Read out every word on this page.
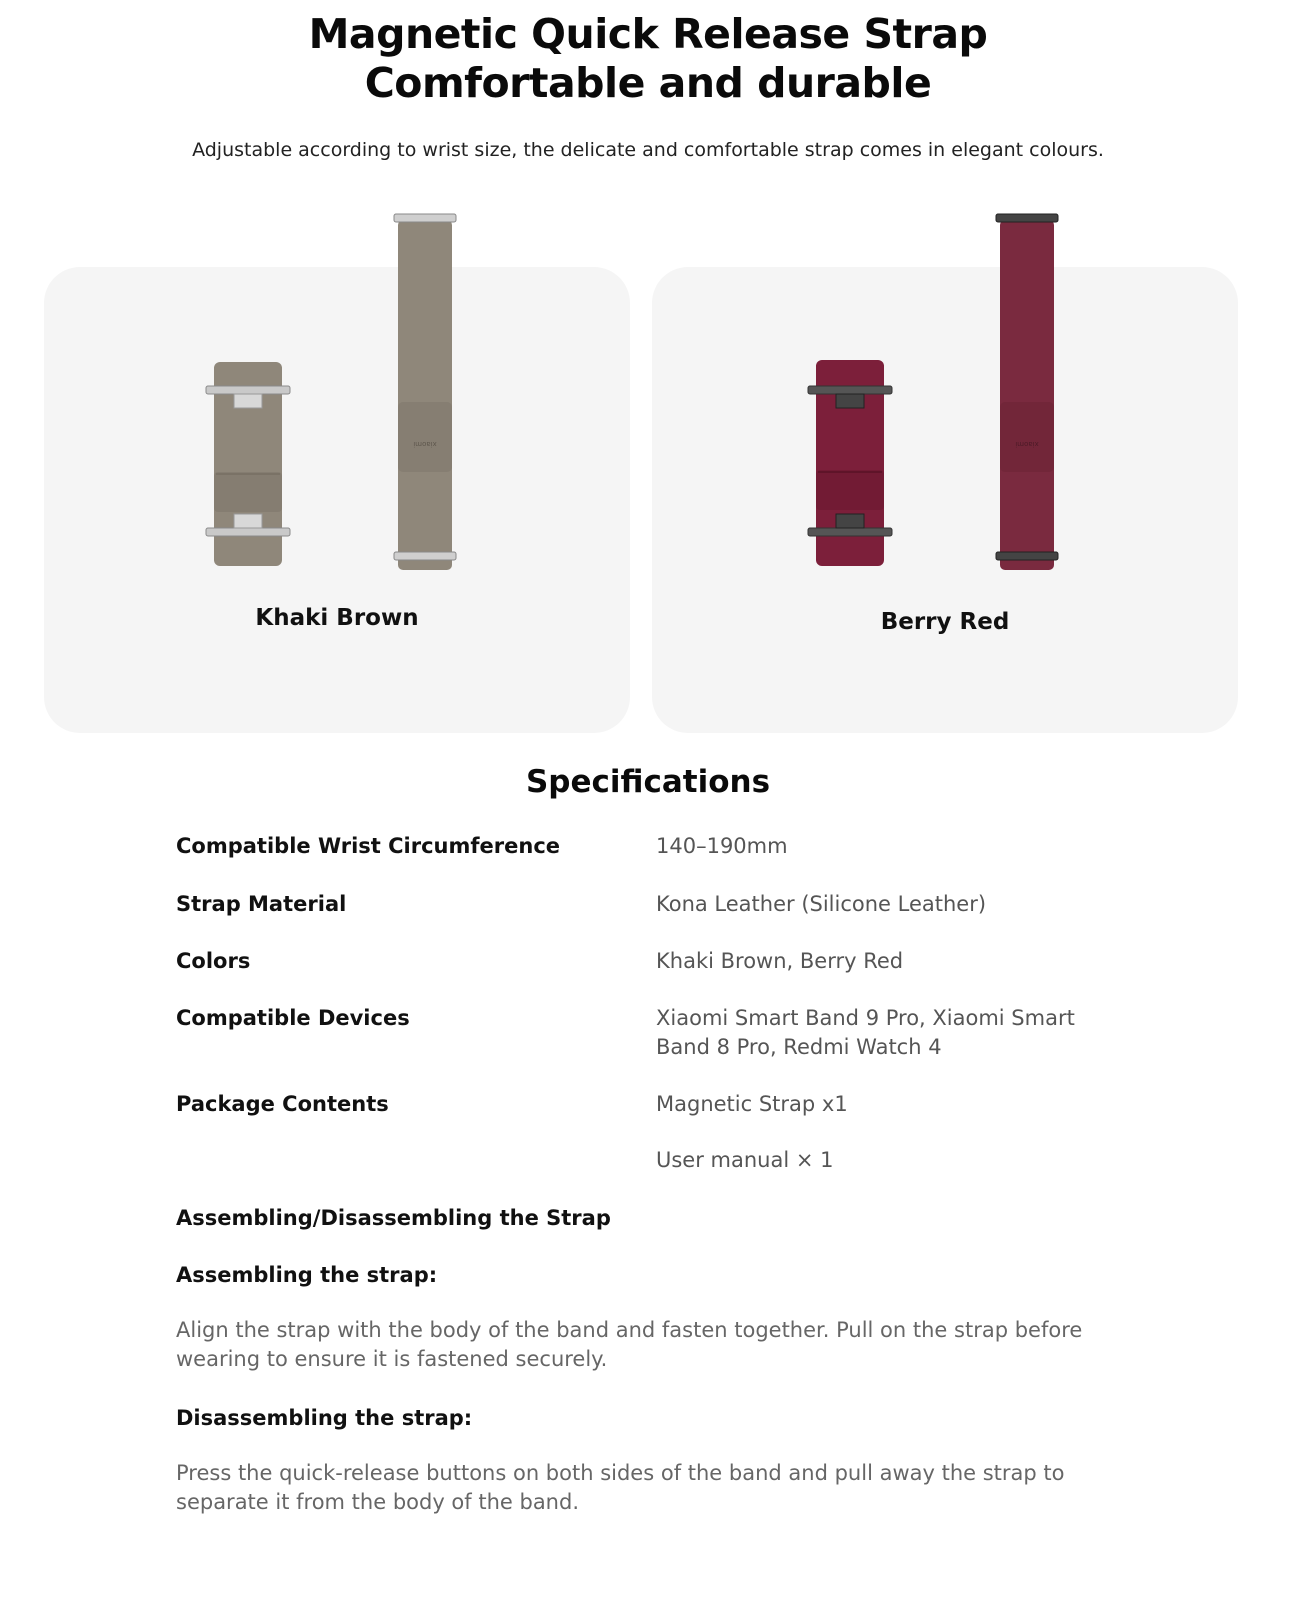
Magnetic Quick Release Strap
Comfortable and durable
Adjustable according to wrist size, the delicate and comfortable strap comes in elegant colours.
Khaki Brown	Berry Red
xiaomi	xiaomi
Specifications
Compatible Wrist Circumference	140–190mm
Strap Material	Kona Leather (Silicone Leather)
Colors	Khaki Brown, Berry Red
Compatible Devices	Xiaomi Smart Band 9 Pro, Xiaomi Smart Band 8 Pro, Redmi Watch 4
Package Contents	Magnetic Strap x1
User manual × 1
Assembling/Disassembling the Strap
Assembling the strap:
Align the strap with the body of the band and fasten together. Pull on the strap before wearing to ensure it is fastened securely.
Disassembling the strap:
Press the quick-release buttons on both sides of the band and pull away the strap to separate it from the body of the band.
